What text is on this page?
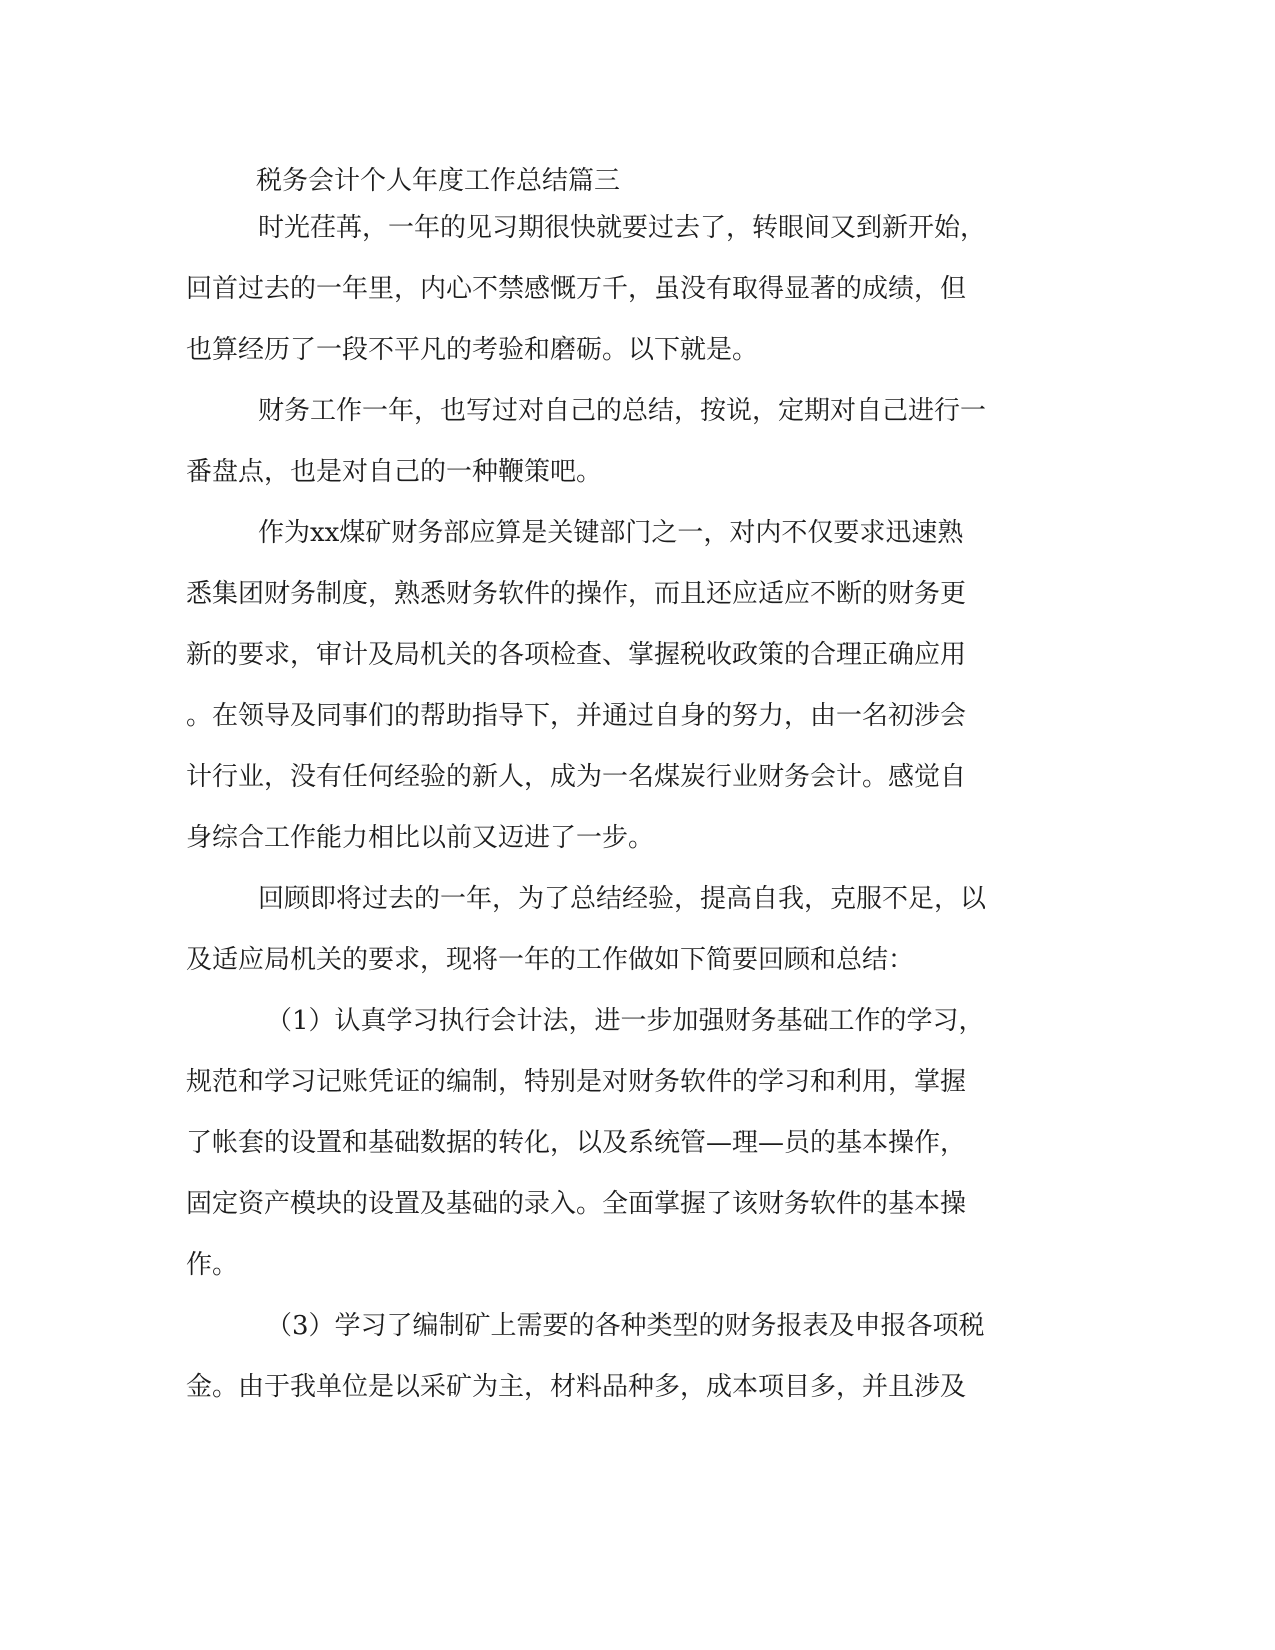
税务会计个人年度工作总结篇三

时光荏苒，一年的见习期很快就要过去了，转眼间又到新开始，
回首过去的一年里，内心不禁感慨万千，虽没有取得显著的成绩，但
也算经历了一段不平凡的考验和磨砺。以下就是。

财务工作一年，也写过对自己的总结，按说，定期对自己进行一
番盘点，也是对自己的一种鞭策吧。

作为xx煤矿财务部应算是关键部门之一，对内不仅要求迅速熟
悉集团财务制度，熟悉财务软件的操作，而且还应适应不断的财务更
新的要求，审计及局机关的各项检查、掌握税收政策的合理正确应用
。在领导及同事们的帮助指导下，并通过自身的努力，由一名初涉会
计行业，没有任何经验的新人，成为一名煤炭行业财务会计。感觉自
身综合工作能力相比以前又迈进了一步。

回顾即将过去的一年，为了总结经验，提高自我，克服不足，以
及适应局机关的要求，现将一年的工作做如下简要回顾和总结：

（1）认真学习执行会计法，进一步加强财务基础工作的学习，
规范和学习记账凭证的编制，特别是对财务软件的学习和利用，掌握
了帐套的设置和基础数据的转化，以及系统管—理—员的基本操作，
固定资产模块的设置及基础的录入。全面掌握了该财务软件的基本操
作。

（3）学习了编制矿上需要的各种类型的财务报表及申报各项税
金。由于我单位是以采矿为主，材料品种多，成本项目多，并且涉及
